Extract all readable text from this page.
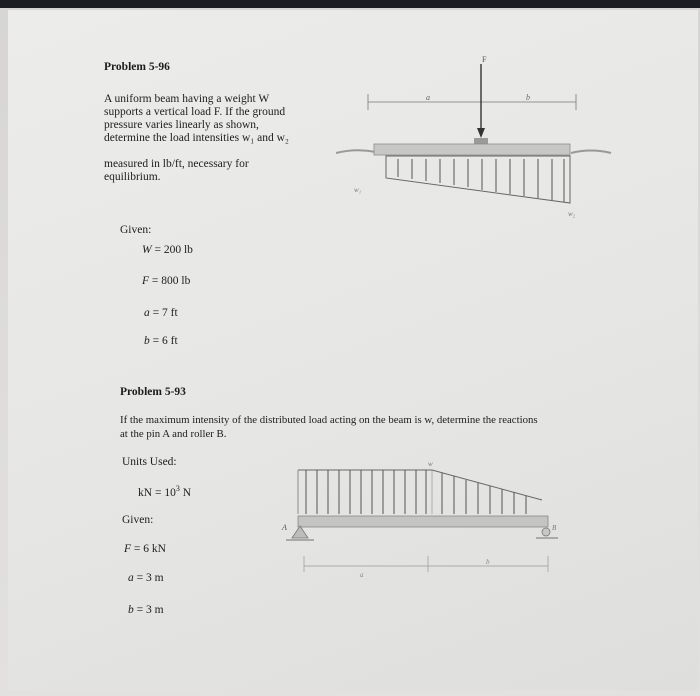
Problem 5-96
A uniform beam having a weight W
supports a vertical load F. If the ground
pressure varies linearly as shown,
determine the load intensities w₁ and w₂
measured in lb/ft, necessary for
equilibrium.
Given:
W = 200 lb
F = 800 lb
a = 7 ft
b = 6 ft
a	b
F
w₁
w₂
Problem 5-93
If the maximum intensity of the distributed load acting on the beam is w, determine the reactions
at the pin A and roller B.
Units Used:
kN = $10^3$ N
Given:
F = 6 kN
a = 3 m
b = 3 m
w
A	B
a
b
